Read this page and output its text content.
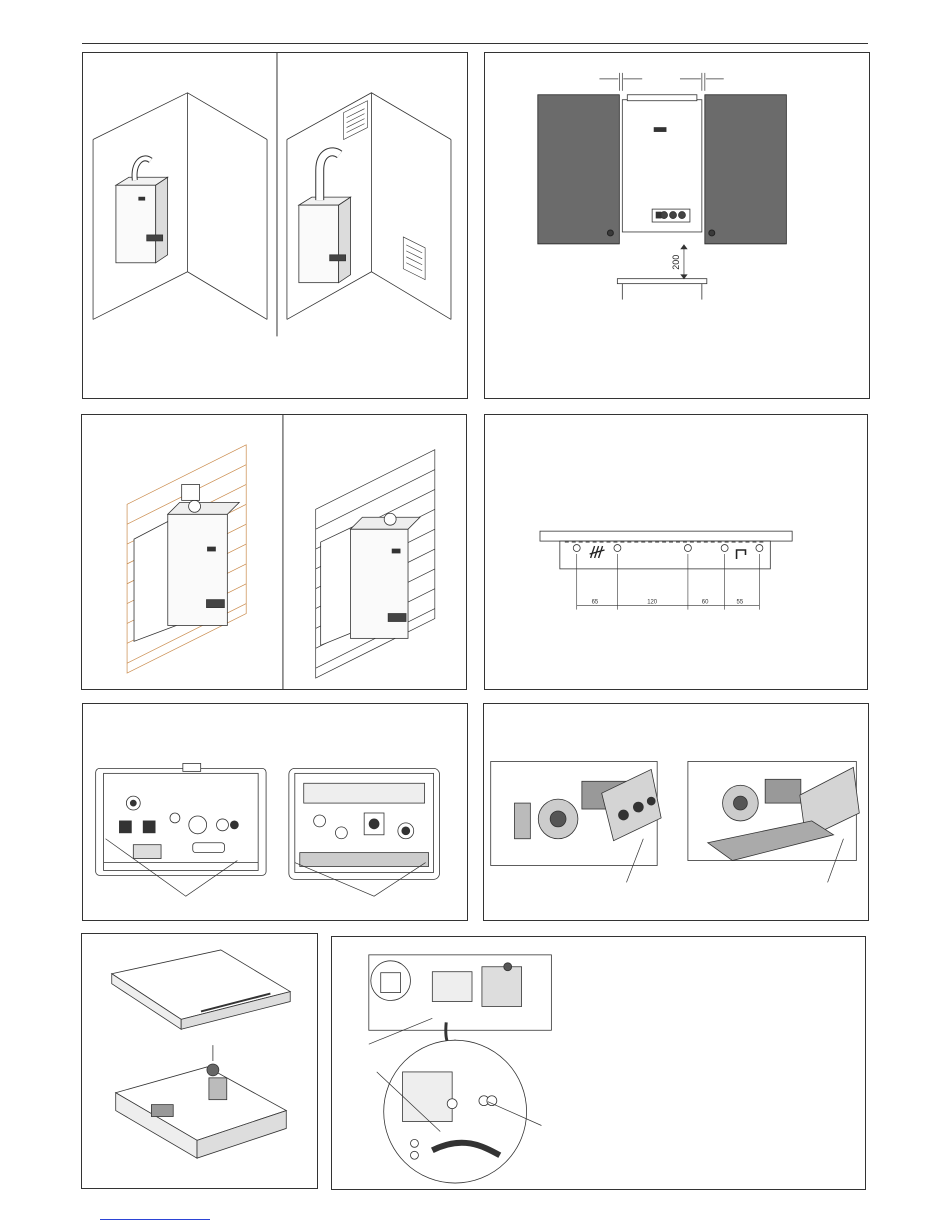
200
65	120	60	55
